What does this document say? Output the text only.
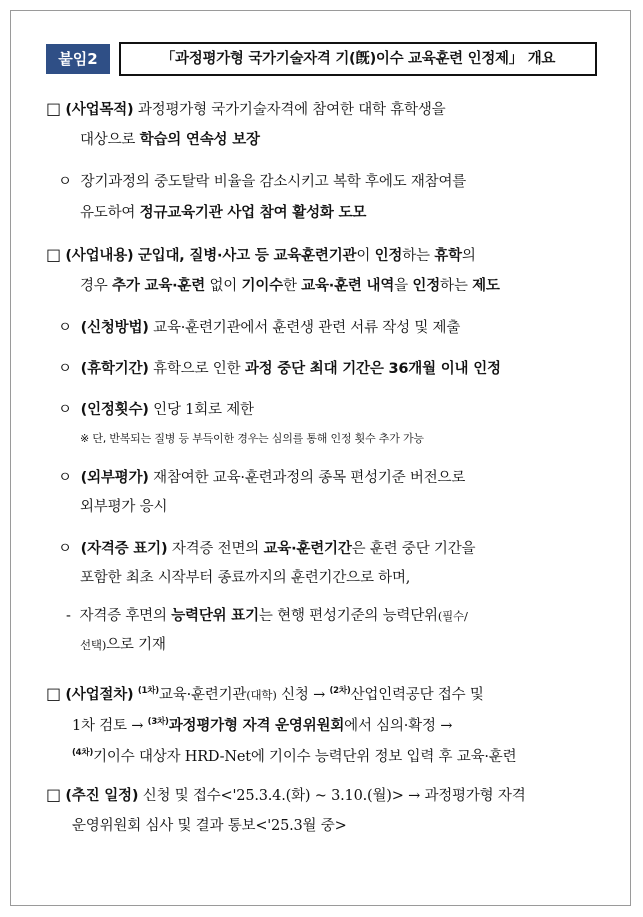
붙임2	「과정평가형 국가기술자격 기(旣)이수 교육훈련 인정제」 개요
□ (사업목적) 과정평가형 국가기술자격에 참여한 대학 휴학생을
대상으로 학습의 연속성 보장
ㅇ 장기과정의 중도탈락 비율을 감소시키고 복학 후에도 재참여를
유도하여 정규교육기관 사업 참여 활성화 도모
□ (사업내용) 군입대, 질병·사고 등 교육훈련기관이 인정하는 휴학의
경우 추가 교육·훈련 없이 기이수한 교육·훈련 내역을 인정하는 제도
ㅇ (신청방법) 교육·훈련기관에서 훈련생 관련 서류 작성 및 제출
ㅇ (휴학기간) 휴학으로 인한 과정 중단 최대 기간은 36개월 이내 인정
ㅇ (인정횟수) 인당 1회로 제한
※ 단, 반복되는 질병 등 부득이한 경우는 심의를 통해 인정 횟수 추가 가능
ㅇ (외부평가) 재참여한 교육·훈련과정의 종목 편성기준 버전으로
외부평가 응시
ㅇ (자격증 표기) 자격증 전면의 교육·훈련기간은 훈련 중단 기간을
포함한 최초 시작부터 종료까지의 훈련기간으로 하며,
- 자격증 후면의 능력단위 표기는 현행 편성기준의 능력단위(필수/
선택)으로 기재
□ (사업절차) $^{(1차)}$교육·훈련기관(대학) 신청 → $^{(2차)}$산업인력공단 접수 및
1차 검토 → $^{(3차)}$과정평가형 자격 운영위원회에서 심의·확정 →
$^{(4차)}$기이수 대상자 HRD-Net에 기이수 능력단위 정보 입력 후 교육·훈련
□ (추진 일정) 신청 및 접수<'25.3.4.(화) ~ 3.10.(월)> → 과정평가형 자격
운영위원회 심사 및 결과 통보<'25.3월 중>
